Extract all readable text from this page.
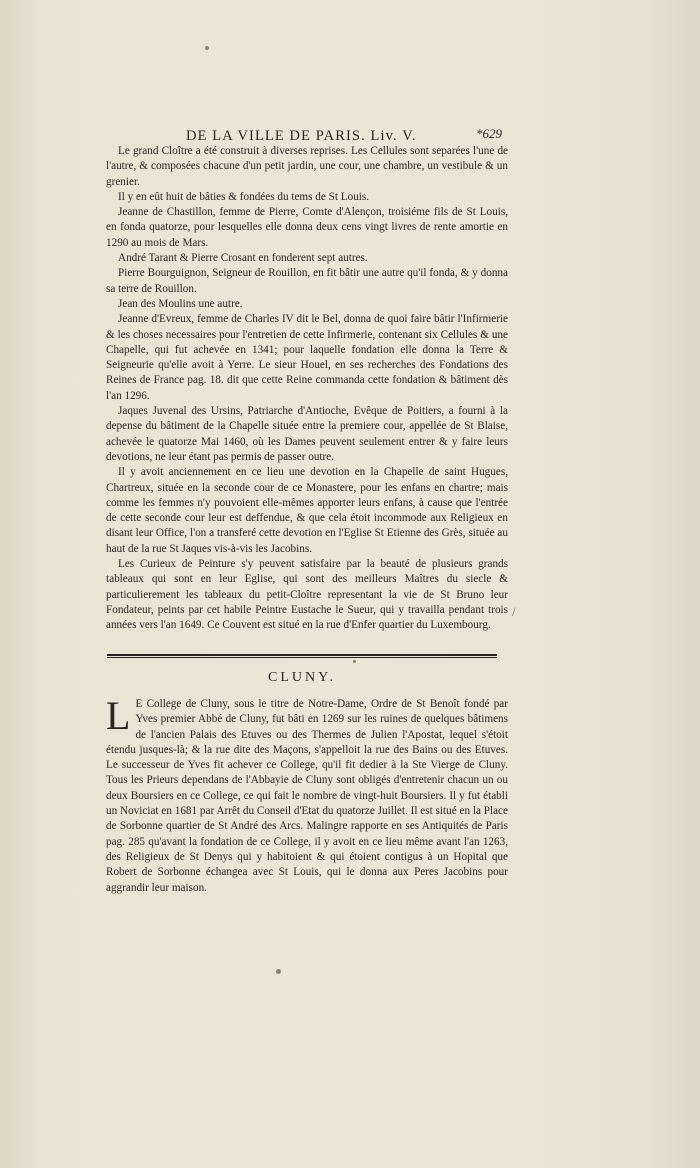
DE LA VILLE DE PARIS. Liv. V.	*629

Le grand Cloître a été construit à diverses reprises. Les Cellules sont separées l'une de l'autre, & composées chacune d'un petit jardin, une cour, une chambre, un vestibule & un grenier.

Il y en eût huit de bâties & fondées du tems de St Louis.

Jeanne de Chastillon, femme de Pierre, Comte d'Alençon, troisiéme fils de St Louis, en fonda quatorze, pour lesquelles elle donna deux cens vingt livres de rente amortie en 1290 au mois de Mars.

André Tarant & Pierre Crosant en fonderent sept autres.

Pierre Bourguignon, Seigneur de Rouillon, en fit bâtir une autre qu'il fonda, & y donna sa terre de Rouillon.

Jean des Moulins une autre.

Jeanne d'Evreux, femme de Charles IV dit le Bel, donna de quoi faire bâtir l'Infirmerie & les choses necessaires pour l'entretien de cette Infirmerie, contenant six Cellules & une Chapelle, qui fut achevée en 1341; pour laquelle fondation elle donna la Terre & Seigneurie qu'elle avoit à Yerre. Le sieur Houel, en ses recherches des Fondations des Reines de France pag. 18. dit que cette Reine commanda cette fondation & bâtiment dès l'an 1296.

Jaques Juvenal des Ursins, Patriarche d'Antioche, Evêque de Poitiers, a fourni à la depense du bâtiment de la Chapelle située entre la premiere cour, appellée de St Blaise, achevée le quatorze Mai 1460, où les Dames peuvent seulement entrer & y faire leurs devotions, ne leur étant pas permis de passer outre.

Il y avoit anciennement en ce lieu une devotion en la Chapelle de saint Hugues, Chartreux, située en la seconde cour de ce Monastere, pour les enfans en chartre; mais comme les femmes n'y pouvoient elle-mêmes apporter leurs enfans, à cause que l'entrée de cette seconde cour leur est deffendue, & que cela étoit incommode aux Religieux en disant leur Office, l'on a transferé cette devotion en l'Eglise St Etienne des Grès, située au haut de la rue St Jaques vis-à-vis les Jacobins.

Les Curieux de Peinture s'y peuvent satisfaire par la beauté de plusieurs grands tableaux qui sont en leur Eglise, qui sont des meilleurs Maîtres du siecle & particulierement les tableaux du petit-Cloître representant la vie de St Bruno leur Fondateur, peints par cet habile Peintre Eustache le Sueur, qui y travailla pendant trois années vers l'an 1649. Ce Couvent est situé en la rue d'Enfer quartier du Luxembourg.

/
CLUNY.
L E College de Cluny, sous le titre de Notre-Dame, Ordre de St Benoît fondé par Yves premier Abbé de Cluny, fut bâti en 1269 sur les ruines de quelques bâtimens de l'ancien Palais des Etuves ou des Thermes de Julien l'Apostat, lequel s'étoit étendu jusques-là; & la rue dite des Maçons, s'appelloit la rue des Bains ou des Etuves. Le successeur de Yves fit achever ce College, qu'il fit dedier à la Ste Vierge de Cluny. Tous les Prieurs dependans de l'Abbayie de Cluny sont obligés d'entretenir chacun un ou deux Boursiers en ce College, ce qui fait le nombre de vingt-huit Boursiers. Il y fut établi un Noviciat en 1681 par Arrêt du Conseil d'Etat du quatorze Juillet. Il est situé en la Place de Sorbonne quartier de St André des Arcs. Malingre rapporte en ses Antiquités de Paris pag. 285 qu'avant la fondation de ce College, il y avoit en ce lieu même avant l'an 1263, des Religieux de St Denys qui y habitoient & qui étoient contigus à un Hopital que Robert de Sorbonne échangea avec St Louis, qui le donna aux Peres Jacobins pour aggrandir leur maison.
